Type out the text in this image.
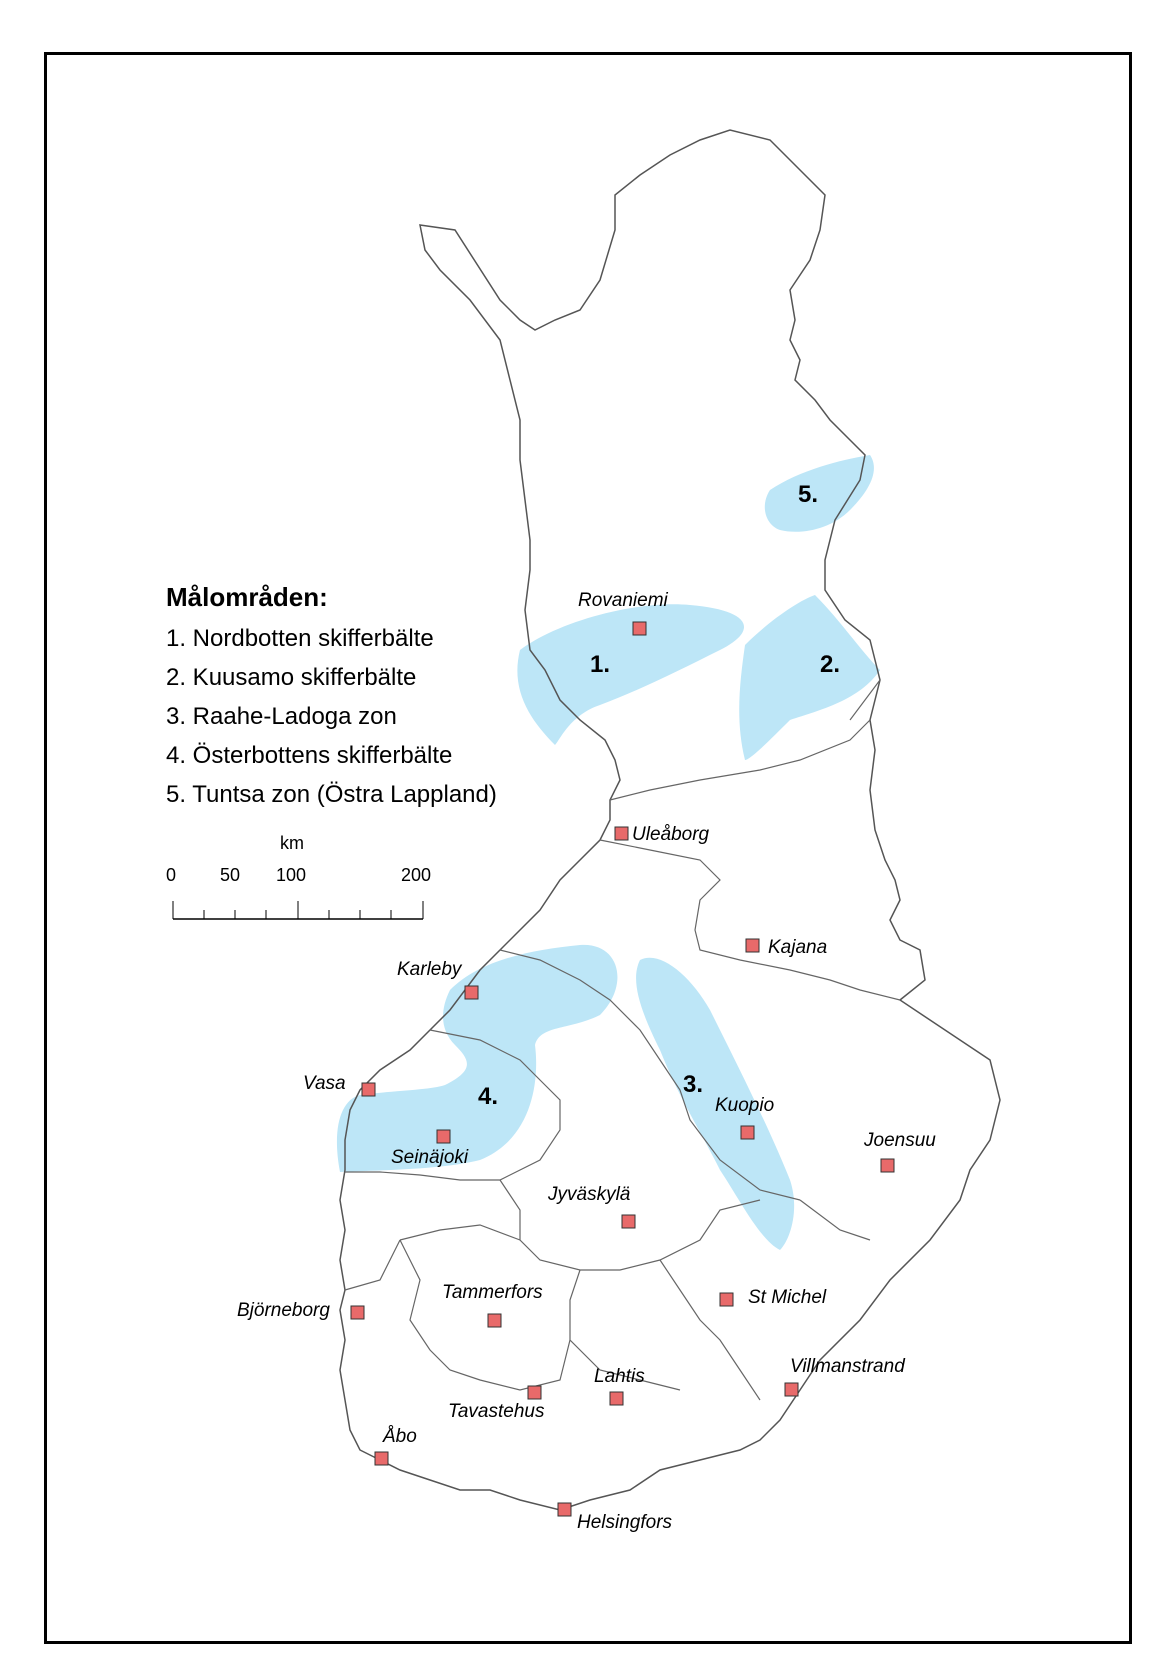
1.	2.
3.
4.
5.
Rovaniemi
Uleåborg
Kajana
Karleby
Vasa
Kuopio
Seinäjoki
Joensuu
Jyväskylä
Björneborg
Tammerfors	St Michel
Villmanstrand
Lahtis
Tavastehus
Åbo
Helsingfors
km
0 50 100	200
Målområden:
1. Nordbotten skifferbälte
2. Kuusamo skifferbälte
3. Raahe-Ladoga zon
4. Österbottens skifferbälte
5. Tuntsa zon (Östra Lappland)
